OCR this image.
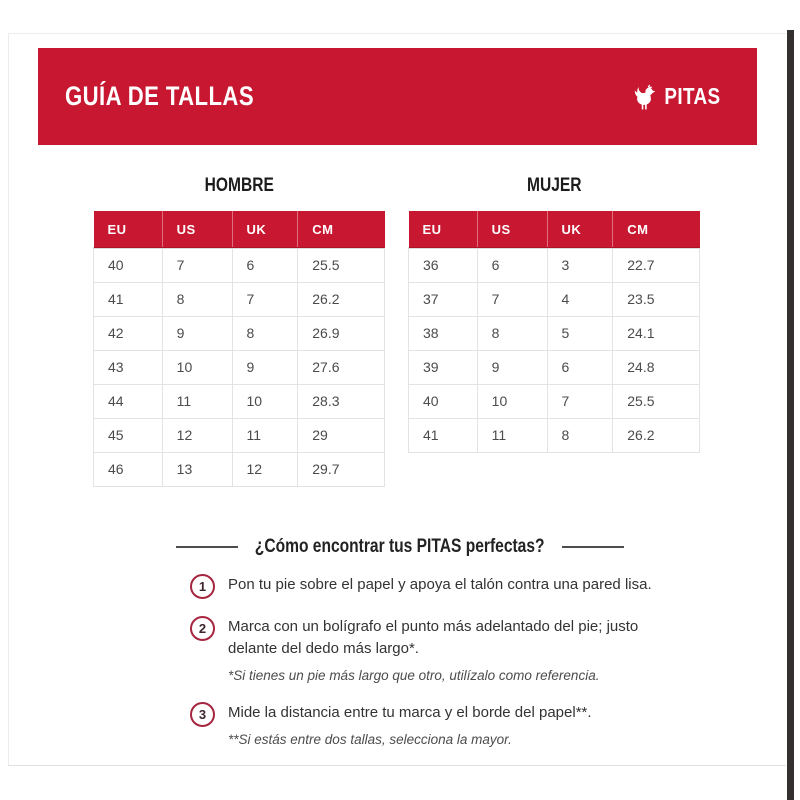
GUÍA DE TALLAS	PITAS
HOMBRE
EU	US	UK	CM
40	7	6	25.5
41	8	7	26.2
42	9	8	26.9
43	10	9	27.6
44	11	10	28.3
45	12	11	29
46	13	12	29.7
MUJER
EU	US	UK	CM
36	6	3	22.7
37	7	4	23.5
38	8	5	24.1
39	9	6	24.8
40	10	7	25.5
41	11	8	26.2
¿Cómo encontrar tus PITAS perfectas?
1	Pon tu pie sobre el papel y apoya el talón contra una pared lisa.
2	Marca con un bolígrafo el punto más adelantado del pie; justo delante del dedo más largo*.
*Si tienes un pie más largo que otro, utilízalo como referencia.
3	Mide la distancia entre tu marca y el borde del papel**.
**Si estás entre dos tallas, selecciona la mayor.
